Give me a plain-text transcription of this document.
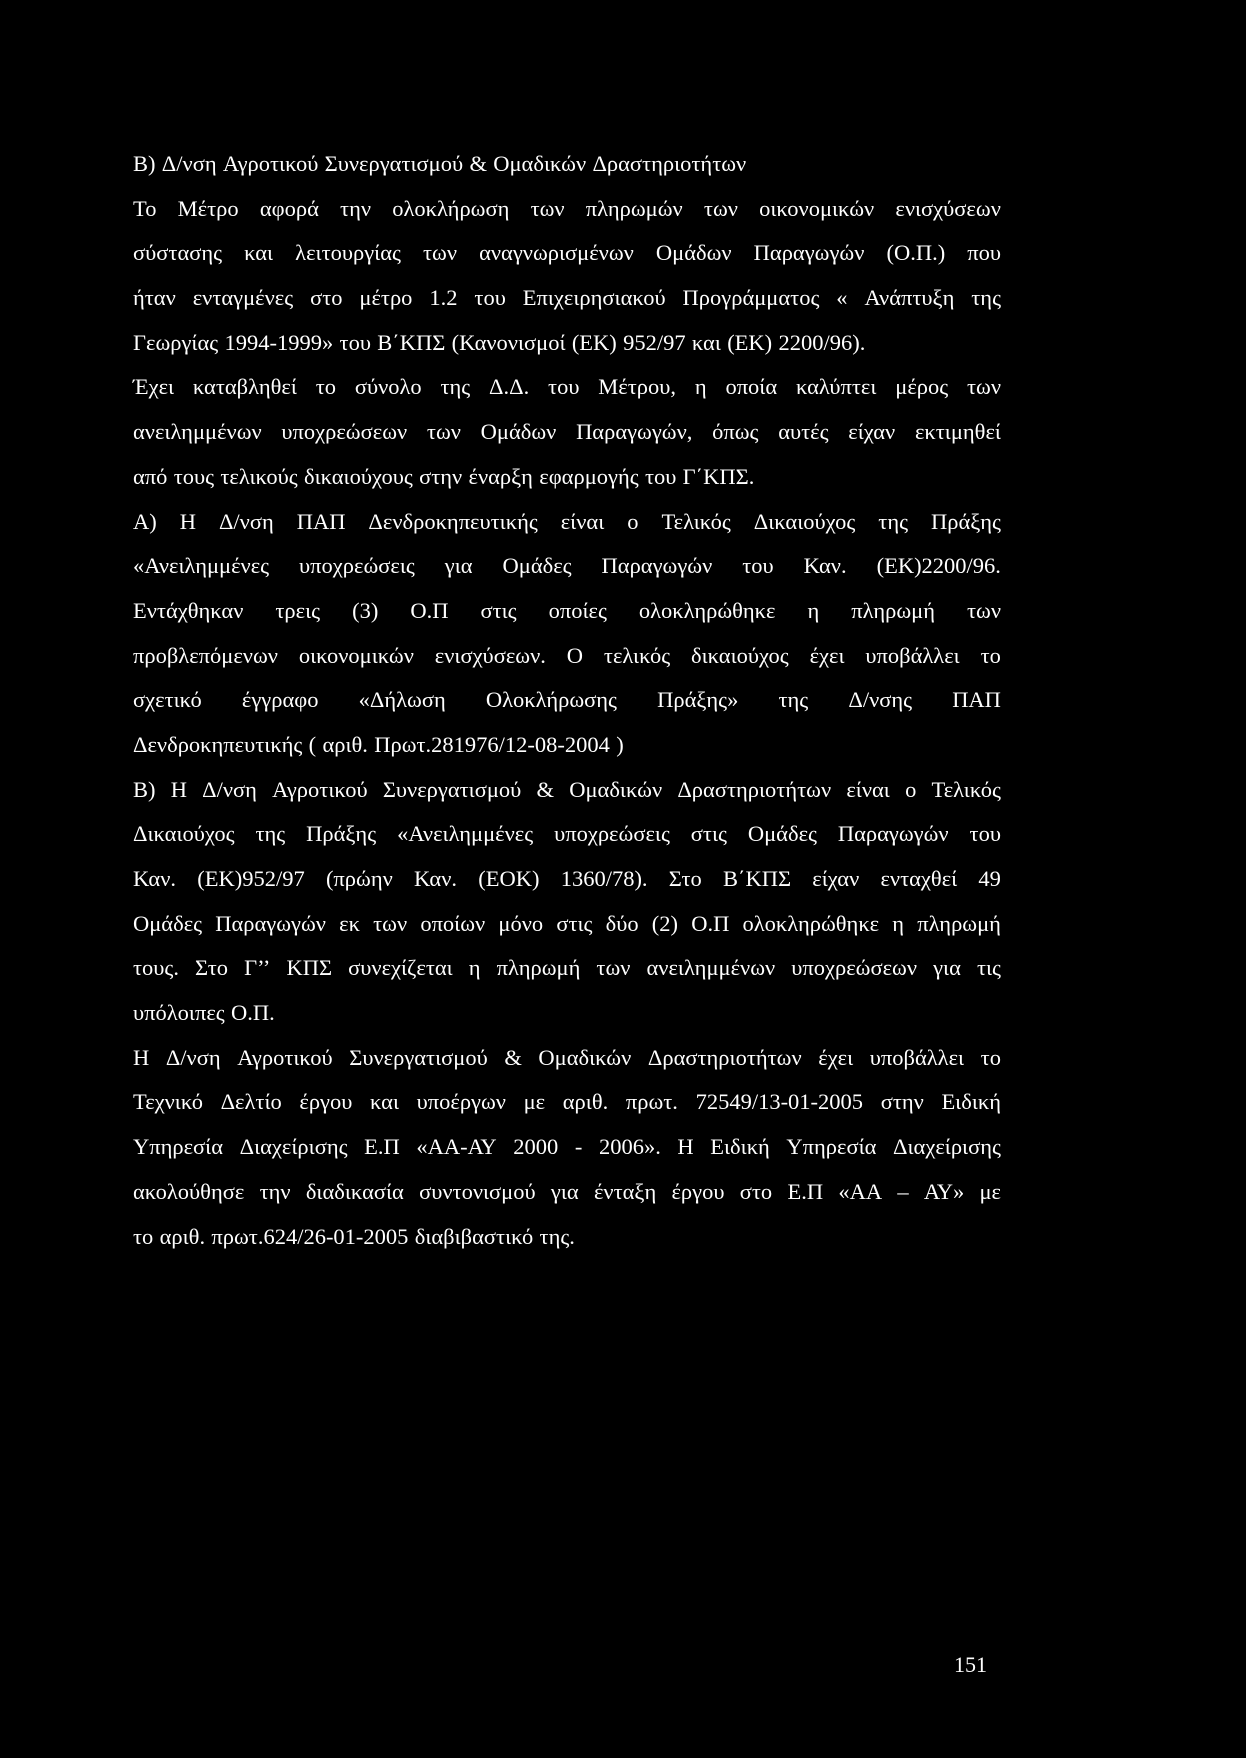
Β) Δ/νση Αγροτικού Συνεργατισμού & Ομαδικών Δραστηριοτήτων
Το Μέτρο αφορά την ολοκλήρωση των πληρωμών των οικονομικών ενισχύσεων
σύστασης και λειτουργίας των αναγνωρισμένων Ομάδων Παραγωγών (Ο.Π.) που
ήταν ενταγμένες στο μέτρο 1.2 του Επιχειρησιακού Προγράμματος « Ανάπτυξη της
Γεωργίας 1994-1999» του Β΄ΚΠΣ (Κανονισμοί (ΕΚ) 952/97 και (ΕΚ) 2200/96).
Έχει καταβληθεί το σύνολο της Δ.Δ. του Μέτρου, η οποία καλύπτει μέρος των
ανειλημμένων υποχρεώσεων των Ομάδων Παραγωγών, όπως αυτές είχαν εκτιμηθεί
από τους τελικούς δικαιούχους στην έναρξη εφαρμογής του Γ΄ΚΠΣ.
Α) Η Δ/νση ΠΑΠ Δενδροκηπευτικής είναι ο Τελικός Δικαιούχος της Πράξης
«Ανειλημμένες υποχρεώσεις για Ομάδες Παραγωγών του Καν. (ΕΚ)2200/96.
Εντάχθηκαν τρεις (3) Ο.Π στις οποίες ολοκληρώθηκε η πληρωμή των
προβλεπόμενων οικονομικών ενισχύσεων. Ο τελικός δικαιούχος έχει υποβάλλει το
σχετικό έγγραφο «Δήλωση Ολοκλήρωσης Πράξης» της Δ/νσης ΠΑΠ
Δενδροκηπευτικής ( αριθ. Πρωτ.281976/12-08-2004 )
Β) Η Δ/νση Αγροτικού Συνεργατισμού & Ομαδικών Δραστηριοτήτων είναι ο Τελικός
Δικαιούχος της Πράξης «Ανειλημμένες υποχρεώσεις στις Ομάδες Παραγωγών του
Καν. (ΕΚ)952/97 (πρώην Καν. (ΕΟΚ) 1360/78). Στο Β΄ΚΠΣ είχαν ενταχθεί 49
Ομάδες Παραγωγών εκ των οποίων μόνο στις δύο (2) Ο.Π ολοκληρώθηκε η πληρωμή
τους. Στο Γ’’ ΚΠΣ συνεχίζεται η πληρωμή των ανειλημμένων υποχρεώσεων για τις
υπόλοιπες Ο.Π.
Η Δ/νση Αγροτικού Συνεργατισμού & Ομαδικών Δραστηριοτήτων έχει υποβάλλει το
Τεχνικό Δελτίο έργου και υποέργων με αριθ. πρωτ. 72549/13-01-2005 στην Ειδική
Υπηρεσία Διαχείρισης Ε.Π «ΑΑ-ΑΥ 2000 - 2006». Η Ειδική Υπηρεσία Διαχείρισης
ακολούθησε την διαδικασία συντονισμού για ένταξη έργου στο Ε.Π «ΑΑ – ΑΥ» με
το αριθ. πρωτ.624/26-01-2005 διαβιβαστικό της.
151
